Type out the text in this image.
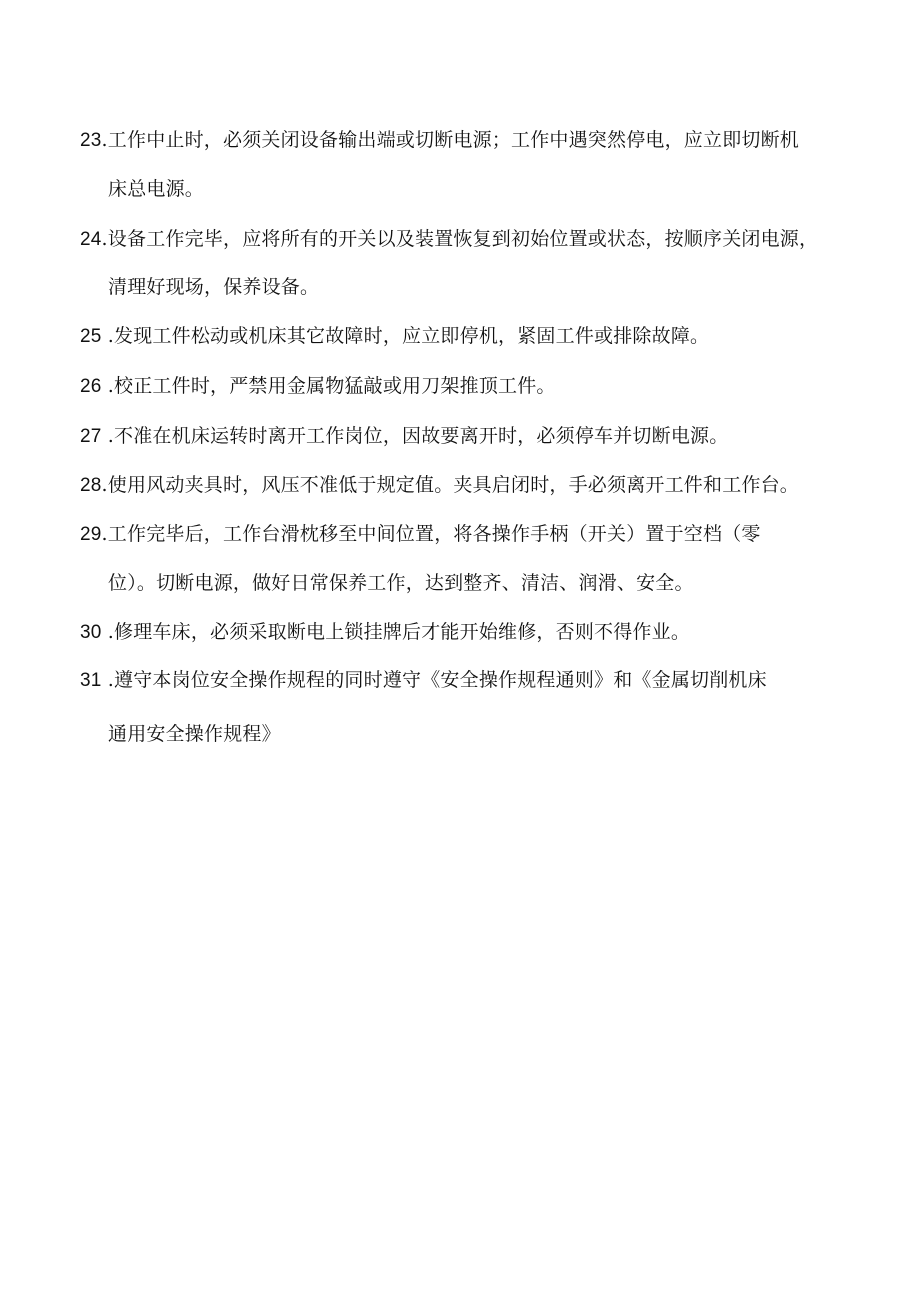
23.工作中止时，必须关闭设备输出端或切断电源；工作中遇突然停电，应立即切断机
床总电源。
24.设备工作完毕，应将所有的开关以及装置恢复到初始位置或状态，按顺序关闭电源，
清理好现场，保养设备。
25 .发现工件松动或机床其它故障时，应立即停机，紧固工件或排除故障。
26 .校正工件时，严禁用金属物猛敲或用刀架推顶工件。
27 .不准在机床运转时离开工作岗位，因故要离开时，必须停车并切断电源。
28.使用风动夹具时，风压不准低于规定值。夹具启闭时，手必须离开工件和工作台。
29.工作完毕后，工作台滑枕移至中间位置，将各操作手柄（开关）置于空档（零
位）。切断电源，做好日常保养工作，达到整齐、清洁、润滑、安全。
30 .修理车床，必须采取断电上锁挂牌后才能开始维修，否则不得作业。
31 .遵守本岗位安全操作规程的同时遵守《安全操作规程通则》和《金属切削机床
通用安全操作规程》
